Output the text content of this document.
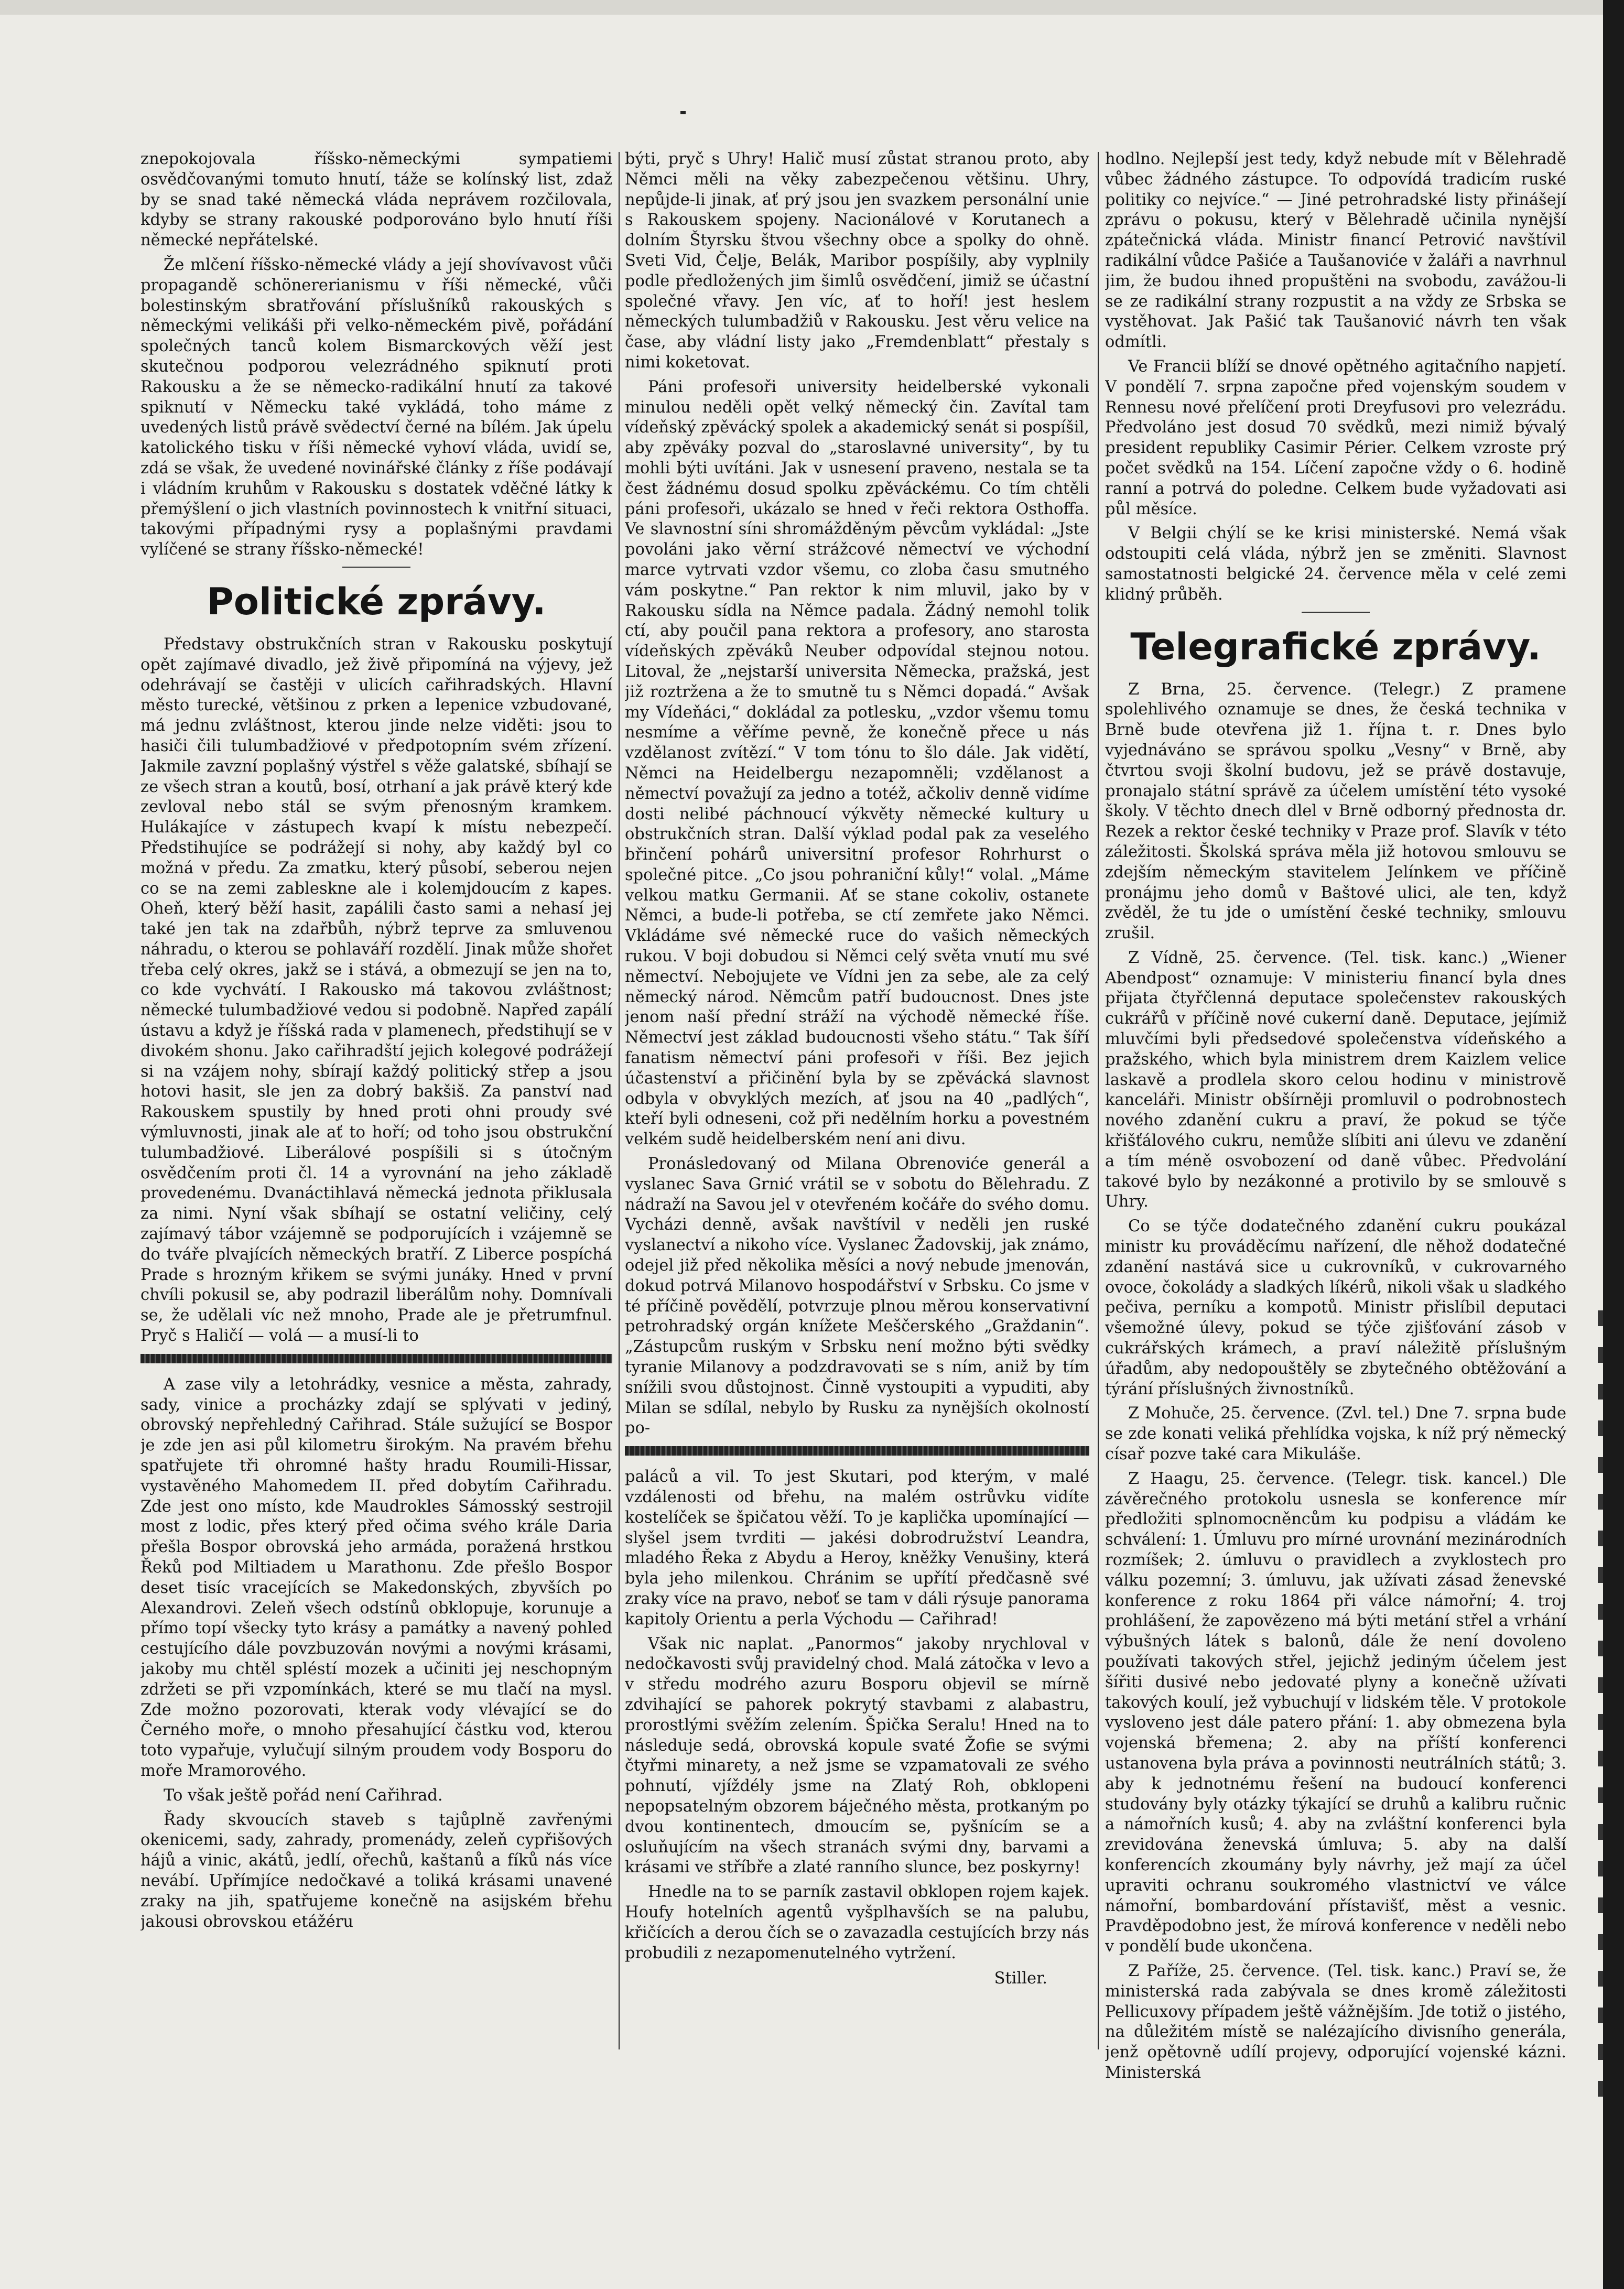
znepokojovala říšsko-německými sympatiemi osvědčovanými tomuto hnutí, táže se kolínský list, zdaž by se snad také německá vláda neprávem rozčilovala, kdyby se strany rakouské podporováno bylo hnutí říši německé nepřátelské.

Že mlčení říšsko-německé vlády a její shovívavost vůči propagandě schönererianismu v říši německé, vůči bolestinským sbratřování příslušníků rakouských s německými velikáši při velko-německém pivě, pořádání společných tanců kolem Bismarckových věží jest skutečnou podporou velezrádného spiknutí proti Rakousku a že se německo-radikální hnutí za takové spiknutí v Německu také vykládá, toho máme z uvedených listů právě svědectví černé na bílém. Jak úpelu katolického tisku v říši německé vyhoví vláda, uvidí se, zdá se však, že uvedené novinářské články z říše podávají i vládním kruhům v Rakousku s dostatek vděčné látky k přemýšlení o jich vlastních povinnostech k vnitřní situaci, takovými případnými rysy a poplašnými pravdami vylíčené se strany říšsko-německé!

Politické zprávy.

Představy obstrukčních stran v Rakousku poskytují opět zajímavé divadlo, jež živě připomíná na výjevy, jež odehrávají se častěji v ulicích cařihradských. Hlavní město turecké, většinou z prken a lepenice vzbudované, má jednu zvláštnost, kterou jinde nelze viděti: jsou to hasiči čili tulumbadžiové v předpotopním svém zřízení. Jakmile zavzní poplašný výstřel s věže galatské, sbíhají se ze všech stran a koutů, bosí, otrhaní a jak právě který kde zevloval nebo stál se svým přenosným kramkem. Hulákajíce v zástupech kvapí k místu nebezpečí. Předstihujíce se podrážejí si nohy, aby každý byl co možná v předu. Za zmatku, který působí, seberou nejen co se na zemi zablesknе ale i kolemjdoucím z kapes. Oheň, který běží hasit, zapálili často sami a nehasí jej také jen tak na zdařbůh, nýbrž teprve za smluvenou náhradu, o kterou se pohlaváří rozdělí. Jinak může shořet třeba celý okres, jakž se i stává, a obmezují se jen na to, co kde vychvátí. I Rakousko má takovou zvláštnost; německé tulumbadžiové vedou si podobně. Napřed zapálí ústavu a když je říšská rada v plamenech, předstihují se v divokém shonu. Jako cařihradští jejich kolegové podrážejí si na vzájem nohy, sbírají každý politický střep a jsou hotovi hasit, sle jen za dobrý bakšiš. Za panství nad Rakouskem spustily by hned proti ohni proudy své výmluvnosti, jinak ale ať to hoří; od toho jsou obstrukční tulumbadžiové. Liberálové pospíšili si s útočným osvědčením proti čl. 14 a vyrovnání na jeho základě provedenému. Dvanáctihlavá německá jednota přiklusala za nimi. Nyní však sbíhají se ostatní veličiny, celý zajímavý tábor vzájemně se podporujících i vzájemně se do tváře plvajících německých bratří. Z Liberce pospíchá Prade s hrozným křikem se svými junáky. Hned v první chvíli pokusil se, aby podrazil liberálům nohy. Domnívali se, že udělali víc než mnoho, Prade ale je přetrumfnul. Pryč s Haličí — volá — a musí-li to

A zase vily a letohrádky, vesnice a města, zahrady, sady, vinice a procházky zdají se splývati v jediný, obrovský nepřehledný Cařihrad. Stále sužující se Bospor je zde jen asi půl kilometru širokým. Na pravém břehu spatřujete tři ohromné hašty hradu Roumili-Hissar, vystavěného Mahomedem II. před dobytím Cařihradu. Zde jest ono místo, kde Maudrokles Sámosský sestrojil most z lodic, přes který před očima svého krále Daria přešla Bospor obrovská jeho armáda, poražená hrstkou Řeků pod Miltiadem u Marathonu. Zde přešlo Bospor deset tisíc vracejících se Makedonských, zbyvších po Alexandrovi. Zeleň všech odstínů obklopuje, korunuje a přímo topí všecky tyto krásy a památky a navený pohled cestujícího dále povzbuzován novými a novými krásami, jakoby mu chtěl spléstí mozek a učiniti jej neschopným zdržeti se při vzpomínkách, které se mu tlačí na mysl. Zde možno pozorovati, kterak vody vlévající se do Černého moře, o mnoho přesahující částku vod, kterou toto vypařuje, vylučují silným proudem vody Bosporu do moře Mramorového.

To však ještě pořád není Cařihrad.

Řady skvoucích staveb s tajůplně zavřenými okenicemi, sady, zahrady, promenády, zeleň cypřišových hájů a vinic, akátů, jedlí, ořechů, kaštanů a fíků nás více nevábí. Upřímjíce nedočkavé a toliká krásami unavené zraky na jih, spatřujeme konečně na asijském břehu jakousi obrovskou etážéru

býti, pryč s Uhry! Halič musí zůstat stranou proto, aby Němci měli na věky zabezpečenou většinu. Uhry, nepůjde-li jinak, ať prý jsou jen svazkem personální unie s Rakouskem spojeny. Nacionálové v Korutanech a dolním Štyrsku štvou všechny obce a spolky do ohně. Sveti Vid, Čelje, Belák, Maribor pospíšily, aby vyplnily podle předložených jim šimlů osvědčení, jimiž se účastní společné vřavy. Jen víc, ať to hoří! jest heslem německých tulumbadžiů v Rakousku. Jest věru velice na čase, aby vládní listy jako „Fremdenblatt“ přestaly s nimi koketovat.

Páni profesoři university heidelberské vykonali minulou neděli opět velký německý čin. Zavítal tam vídeňský zpěvácký spolek a akademický senát si pospíšil, aby zpěváky pozval do „staroslavné university“, by tu mohli býti uvítáni. Jak v usnesení praveno, nestala se ta čest žádnému dosud spolku zpěváckému. Co tím chtěli páni profesoři, ukázalo se hned v řeči rektora Osthoffa. Ve slavnostní síni shromážděným pěvcům vykládal: „Jste povoláni jako věrní strážcové němectví ve východní marce vytrvati vzdor všemu, co zloba času smutného vám poskytne.“ Pan rektor k nim mluvil, jako by v Rakousku sídla na Němce padala. Žádný nemohl tolik ctí, aby poučil pana rektora a profesory, ano starosta vídeňských zpěváků Neuber odpovídal stejnou notou. Litoval, že „nejstarší universita Německa, pražská, jest již roztržena a že to smutně tu s Němci dopadá.“ Avšak my Vídeňáci,“ dokládal za potlesku, „vzdor všemu tomu nesmíme a věříme pevně, že konečně přece u nás vzdělanost zvítězí.“ V tom tónu to šlo dále. Jak vidětí, Němci na Heidelbergu nezapomněli; vzdělanost a němectví považují za jedno a totéž, ačkoliv denně vidíme dosti nelibé páchnoucí výkvěty německé kultury u obstrukčních stran. Další výklad podal pak za veselého břinčení pohárů universitní profesor Rohrhurst o společné pitce. „Co jsou pohraniční kůly!“ volal. „Máme velkou matku Germanii. Ať se stane cokoliv, ostanete Němci, a bude-li potřeba, se ctí zemřete jako Němci. Vkládáme své německé ruce do vašich německých rukou. V boji dobudou si Němci celý světa vnutí mu své němectví. Nebojujete ve Vídni jen za sebe, ale za celý německý národ. Němcům patří budoucnost. Dnes jste jenom naší přední stráží na východě německé říše. Němectví jest základ budoucnosti všeho státu.“ Tak šíří fanatism němectví páni profesoři v říši. Bez jejich účastenství a přičinění byla by se zpěvácká slavnost odbyla v obvyklých mezích, ať jsou na 40 „padlých“, kteří byli odneseni, což při nedělním horku a povestném velkém sudě heidelberském není ani divu.

Pronásledovaný od Milana Obrenoviće generál a vyslanec Sava Grnić vrátil se v sobotu do Bělehradu. Z nádraží na Savou jel v otevřeném kočáře do svého domu. Vycházi denně, avšak navštívil v neděli jen ruské vyslanectví a nikoho více. Vyslanec Žadovskij, jak známo, odejel již před několika měsíci a nový nebude jmenován, dokud potrvá Milanovo hospodářství v Srbsku. Co jsme v té příčině povědělí, potvrzuje plnou měrou konservativní petrohradský orgán knížete Meščerského „Graždanin“. „Zástupcům ruským v Srbsku není možno býti svědky tyranie Milanovy a podzdravovati se s ním, aniž by tím snížili svou důstojnost. Činně vystoupiti a vypuditi, aby Milan se sdílal, nebylo by Rusku za nynějších okolností po-

paláců a vil. To jest Skutari, pod kterým, v malé vzdálenosti od břehu, na malém ostrůvku vidíte kostelíček se špičatou věží. To je kaplička upomínající — slyšel jsem tvrditi — jakési dobrodružství Leandra, mladého Řeka z Abydu a Heroy, kněžky Venušiny, která byla jeho milenkou. Chránim se upřítí předčasně své zraky více na pravo, neboť se tam v dáli rýsuje panorama kapitoly Orientu a perla Východu — Cařihrad!

Však nic naplat. „Panormos“ jakoby nrychloval v nedočkavosti svůj pravidelný chod. Malá zátočka v levo a v středu modrého azuru Bosporu objevil se mírně zdvihající se pahorek pokrytý stavbami z alabastru, prorostlými svěžím zelením. Špička Seralu! Hned na to následuje sedá, obrovská kopule svaté Žofie se svými čtyřmi minarety, a než jsme se vzpamatovali ze svého pohnutí, vjíždély jsme na Zlatý Roh, obklopeni nepopsatelným obzorem báječného města, protkaným po dvou kontinentech, dmoucím se, pyšnícím se a osluňujícím na všech stranách svými dny, barvami a krásami ve stříbře a zlaté ranního slunce, bez poskyrny!

Hnedle na to se parník zastavil obklopen rojem kajek. Houfy hotelních agentů vyšplhavších se na palubu, křičících a derou čích se o zavazadla cestujících brzy nás probudili z nezapomenutelného vytržení.

Stiller.

hodlno. Nejlepší jest tedy, když nebude mít v Bělehradě vůbec žádného zástupce. To odpovídá tradicím ruské politiky co nejvíce.“ — Jiné petrohradské listy přinášejí zprávu o pokusu, který v Bělehradě učinila nynější zpátečnická vláda. Ministr financí Petrović navštívil radikální vůdce Pašiće a Taušanoviće v žaláři a navrhnul jim, že budou ihned propuštěni na svobodu, zavážou-li se ze radikální strany rozpustit a na vždy ze Srbska se vystěhovat. Jak Pašić tak Taušanović návrh ten však odmítli.

Ve Francii blíží se dnové opětného agitačního napjetí. V pondělí 7. srpna započne před vojenským soudem v Rennesu nové přelíčení proti Dreyfusovi pro velezrádu. Předvoláno jest dosud 70 svědků, mezi nimiž bývalý president republiky Casimir Périer. Celkem vzroste prý počet svědků na 154. Líčení započne vždy o 6. hodině ranní a potrvá do poledne. Celkem bude vyžadovati asi půl měsíce.

V Belgii chýlí se ke krisi ministerské. Nemá však odstoupiti celá vláda, nýbrž jen se změniti. Slavnost samostatnosti belgické 24. července měla v celé zemi klidný průběh.

Telegrafické zprávy.

Z Brna, 25. července. (Telegr.) Z pramene spolehlivého oznamuje se dnes, že česká technika v Brně bude otevřena již 1. října t. r. Dnes bylo vyjednáváno se správou spolku „Vesny“ v Brně, aby čtvrtou svoji školní budovu, jež se právě dostavuje, pronajalo státní správě za účelem umístění této vysoké školy. V těchto dnech dlel v Brně odborný přednosta dr. Rezek a rektor české techniky v Praze prof. Slavík v této záležitosti. Školská správa měla již hotovou smlouvu se zdejším německým stavitelem Jelínkem ve příčině pronájmu jeho domů v Baštové ulici, ale ten, když zvěděl, že tu jde o umístění české techniky, smlouvu zrušil.

Z Vídně, 25. července. (Tel. tisk. kanc.) „Wiener Abendpost“ oznamuje: V ministeriu financí byla dnes přijata čtyřčlenná deputace společenstev rakouských cukrářů v příčině nové cukerní daně. Deputace, jejímiž mluvčími byli předsedové společenstva vídeňského a pražského, which byla ministrem drem Kaizlem velice laskavě a prodlela skoro celou hodinu v ministrově kanceláři. Ministr obšírněji promluvil o podrobnostech nového zdanění cukru a praví, že pokud se týče křišťálového cukru, nemůže slíbiti ani úlevu ve zdanění a tím méně osvobození od daně vůbec. Předvolání takové bylo by nezákonné a protivilo by se smlouvě s Uhry.

Co se týče dodatečného zdanění cukru poukázal ministr ku prováděcímu nařízení, dle něhož dodatečné zdanění nastává sice u cukrovníků, v cukrovarného ovoce, čokolády a sladkých líkérů, nikoli však u sladkého pečiva, perníku a kompotů. Ministr přislíbil deputaci všemožné úlevy, pokud se týče zjišťování zásob v cukrářských krámech, a praví náležitě příslušným úřadům, aby nedopouštěly se zbytečného obtěžování a týrání příslušných živnostníků.

Z Mohuče, 25. července. (Zvl. tel.) Dne 7. srpna bude se zde konati veliká přehlídka vojska, k níž prý německý císař pozve také cara Mikuláše.

Z Haagu, 25. července. (Telegr. tisk. kancel.) Dle závěrečného protokolu usnesla se konference mír předložiti splnomocněncům ku podpisu a vládám ke schválení: 1. Úmluvu pro mírné urovnání mezinárodních rozmíšek; 2. úmluvu o pravidlech a zvyklostech pro válku pozemní; 3. úmluvu, jak užívati zásad ženevské konference z roku 1864 při válce námořní; 4. troj prohlášení, že zapovězeno má býti metání střel a vrhání výbušných látek s balonů, dále že není dovoleno používati takových střel, jejichž jediným účelem jest šířiti dusivé nebo jedovaté plyny a konečně užívati takových koulí, jež vybuchují v lidském těle. V protokole vysloveno jest dále patero přání: 1. aby obmezena byla vojenská břemena; 2. aby na příští konferenci ustanovena byla práva a povinnosti neutrálních států; 3. aby k jednotnému řešení na budoucí konferenci studovány byly otázky týkající se druhů a kalibru ručnic a námořních kusů; 4. aby na zvláštní konferenci byla zrevidována ženevská úmluva; 5. aby na další konferencích zkoumány byly návrhy, jež mají za účel upraviti ochranu soukromého vlastnictví ve válce námořní, bombardování přístavišť, měst a vesnic. Pravděpodobno jest, že mírová konference v neděli nebo v pondělí bude ukončena.

Z Paříže, 25. července. (Tel. tisk. kanc.) Praví se, že ministerská rada zabývala se dnes kromě záležitosti Pellicuxovy případem ještě vážnějším. Jde totiž o jistého, na důležitém místě se nalézajícího divisního generála, jenž opětovně udílí projevy, odporující vojenské kázni. Ministerská
